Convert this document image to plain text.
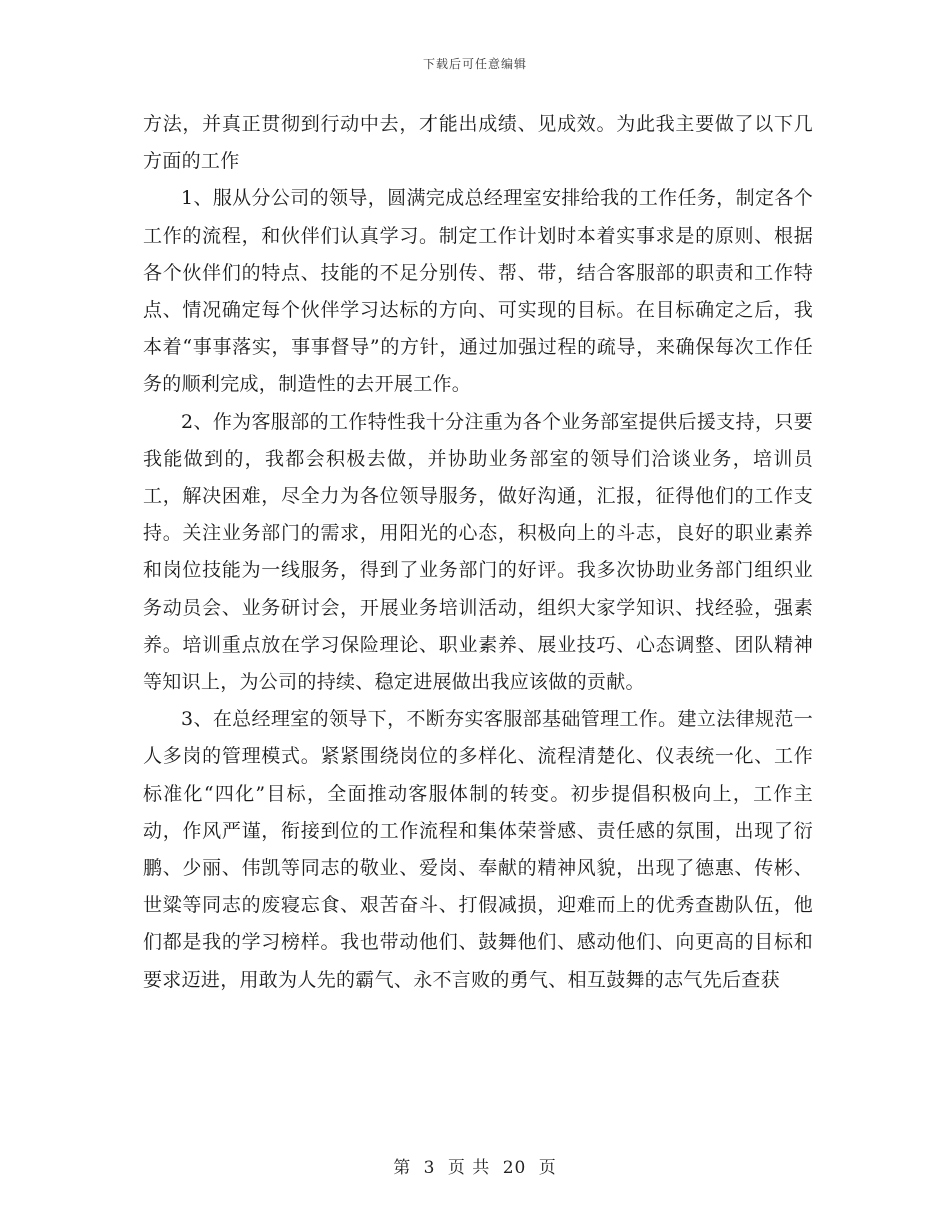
下载后可任意编辑

方法，并真正贯彻到行动中去，才能出成绩、见成效。为此我主要做了以下几方面的工作

1、服从分公司的领导，圆满完成总经理室安排给我的工作任务，制定各个工作的流程，和伙伴们认真学习。制定工作计划时本着实事求是的原则、根据各个伙伴们的特点、技能的不足分别传、帮、带，结合客服部的职责和工作特点、情况确定每个伙伴学习达标的方向、可实现的目标。在目标确定之后，我本着“事事落实，事事督导”的方针，通过加强过程的疏导，来确保每次工作任务的顺利完成，制造性的去开展工作。

2、作为客服部的工作特性我十分注重为各个业务部室提供后援支持，只要我能做到的，我都会积极去做，并协助业务部室的领导们洽谈业务，培训员工，解决困难，尽全力为各位领导服务，做好沟通，汇报，征得他们的工作支持。关注业务部门的需求，用阳光的心态，积极向上的斗志，良好的职业素养和岗位技能为一线服务，得到了业务部门的好评。我多次协助业务部门组织业务动员会、业务研讨会，开展业务培训活动，组织大家学知识、找经验，强素养。培训重点放在学习保险理论、职业素养、展业技巧、心态调整、团队精神等知识上，为公司的持续、稳定进展做出我应该做的贡献。

3、在总经理室的领导下，不断夯实客服部基础管理工作。建立法律规范一人多岗的管理模式。紧紧围绕岗位的多样化、流程清楚化、仪表统一化、工作标准化“四化”目标，全面推动客服体制的转变。初步提倡积极向上，工作主动，作风严谨，衔接到位的工作流程和集体荣誉感、责任感的氛围，出现了衍鹏、少丽、伟凯等同志的敬业、爱岗、奉献的精神风貌，出现了德惠、传彬、世粱等同志的废寝忘食、艰苦奋斗、打假减损，迎难而上的优秀查勘队伍，他们都是我的学习榜样。我也带动他们、鼓舞他们、感动他们、向更高的目标和要求迈进，用敢为人先的霸气、永不言败的勇气、相互鼓舞的志气先后查获

第 3 页 共 20 页
